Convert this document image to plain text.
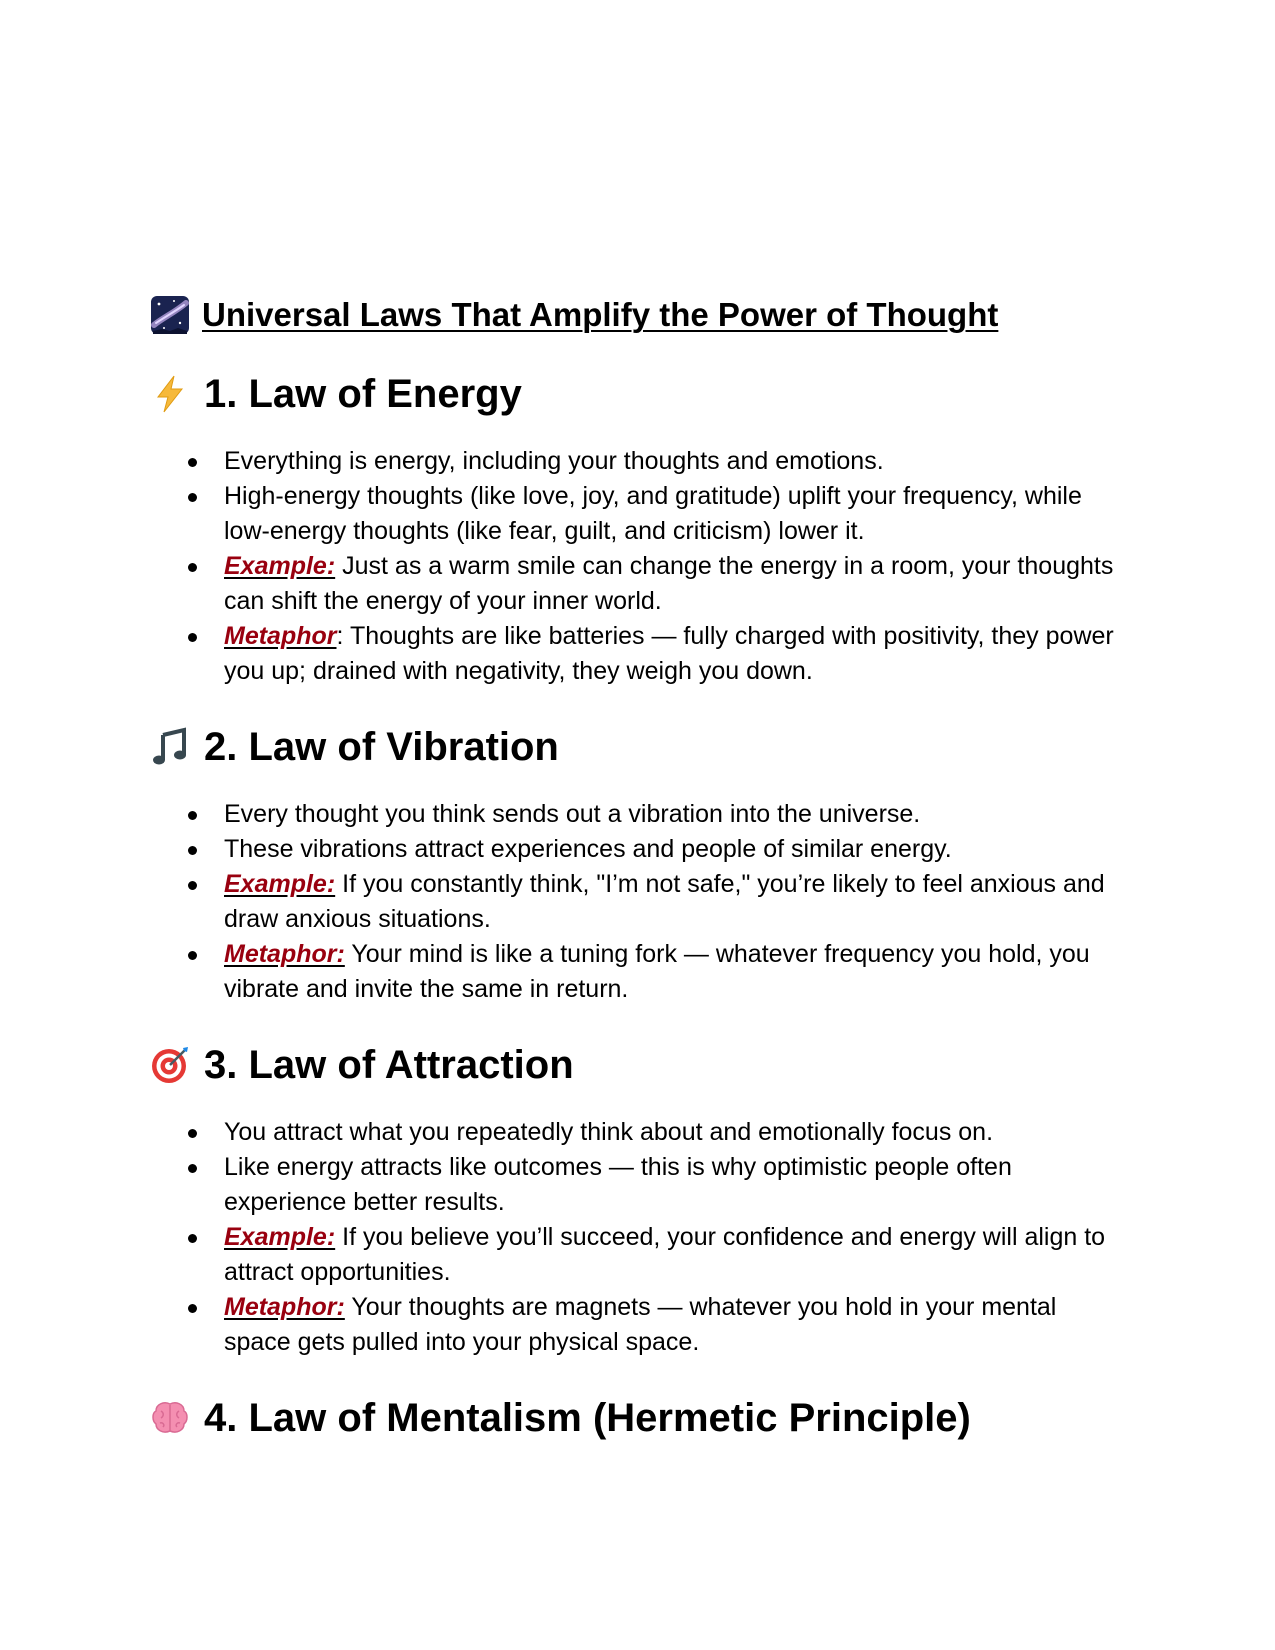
Universal Laws That Amplify the Power of Thought
1. Law of Energy
Everything is energy, including your thoughts and emotions.
High-energy thoughts (like love, joy, and gratitude) uplift your frequency, while low-energy thoughts (like fear, guilt, and criticism) lower it.
Example: Just as a warm smile can change the energy in a room, your thoughts can shift the energy of your inner world.
Metaphor: Thoughts are like batteries — fully charged with positivity, they power you up; drained with negativity, they weigh you down.
2. Law of Vibration
Every thought you think sends out a vibration into the universe.
These vibrations attract experiences and people of similar energy.
Example: If you constantly think, "I’m not safe," you’re likely to feel anxious and draw anxious situations.
Metaphor: Your mind is like a tuning fork — whatever frequency you hold, you vibrate and invite the same in return.
3. Law of Attraction
You attract what you repeatedly think about and emotionally focus on.
Like energy attracts like outcomes — this is why optimistic people often experience better results.
Example: If you believe you’ll succeed, your confidence and energy will align to attract opportunities.
Metaphor: Your thoughts are magnets — whatever you hold in your mental space gets pulled into your physical space.
4. Law of Mentalism (Hermetic Principle)
